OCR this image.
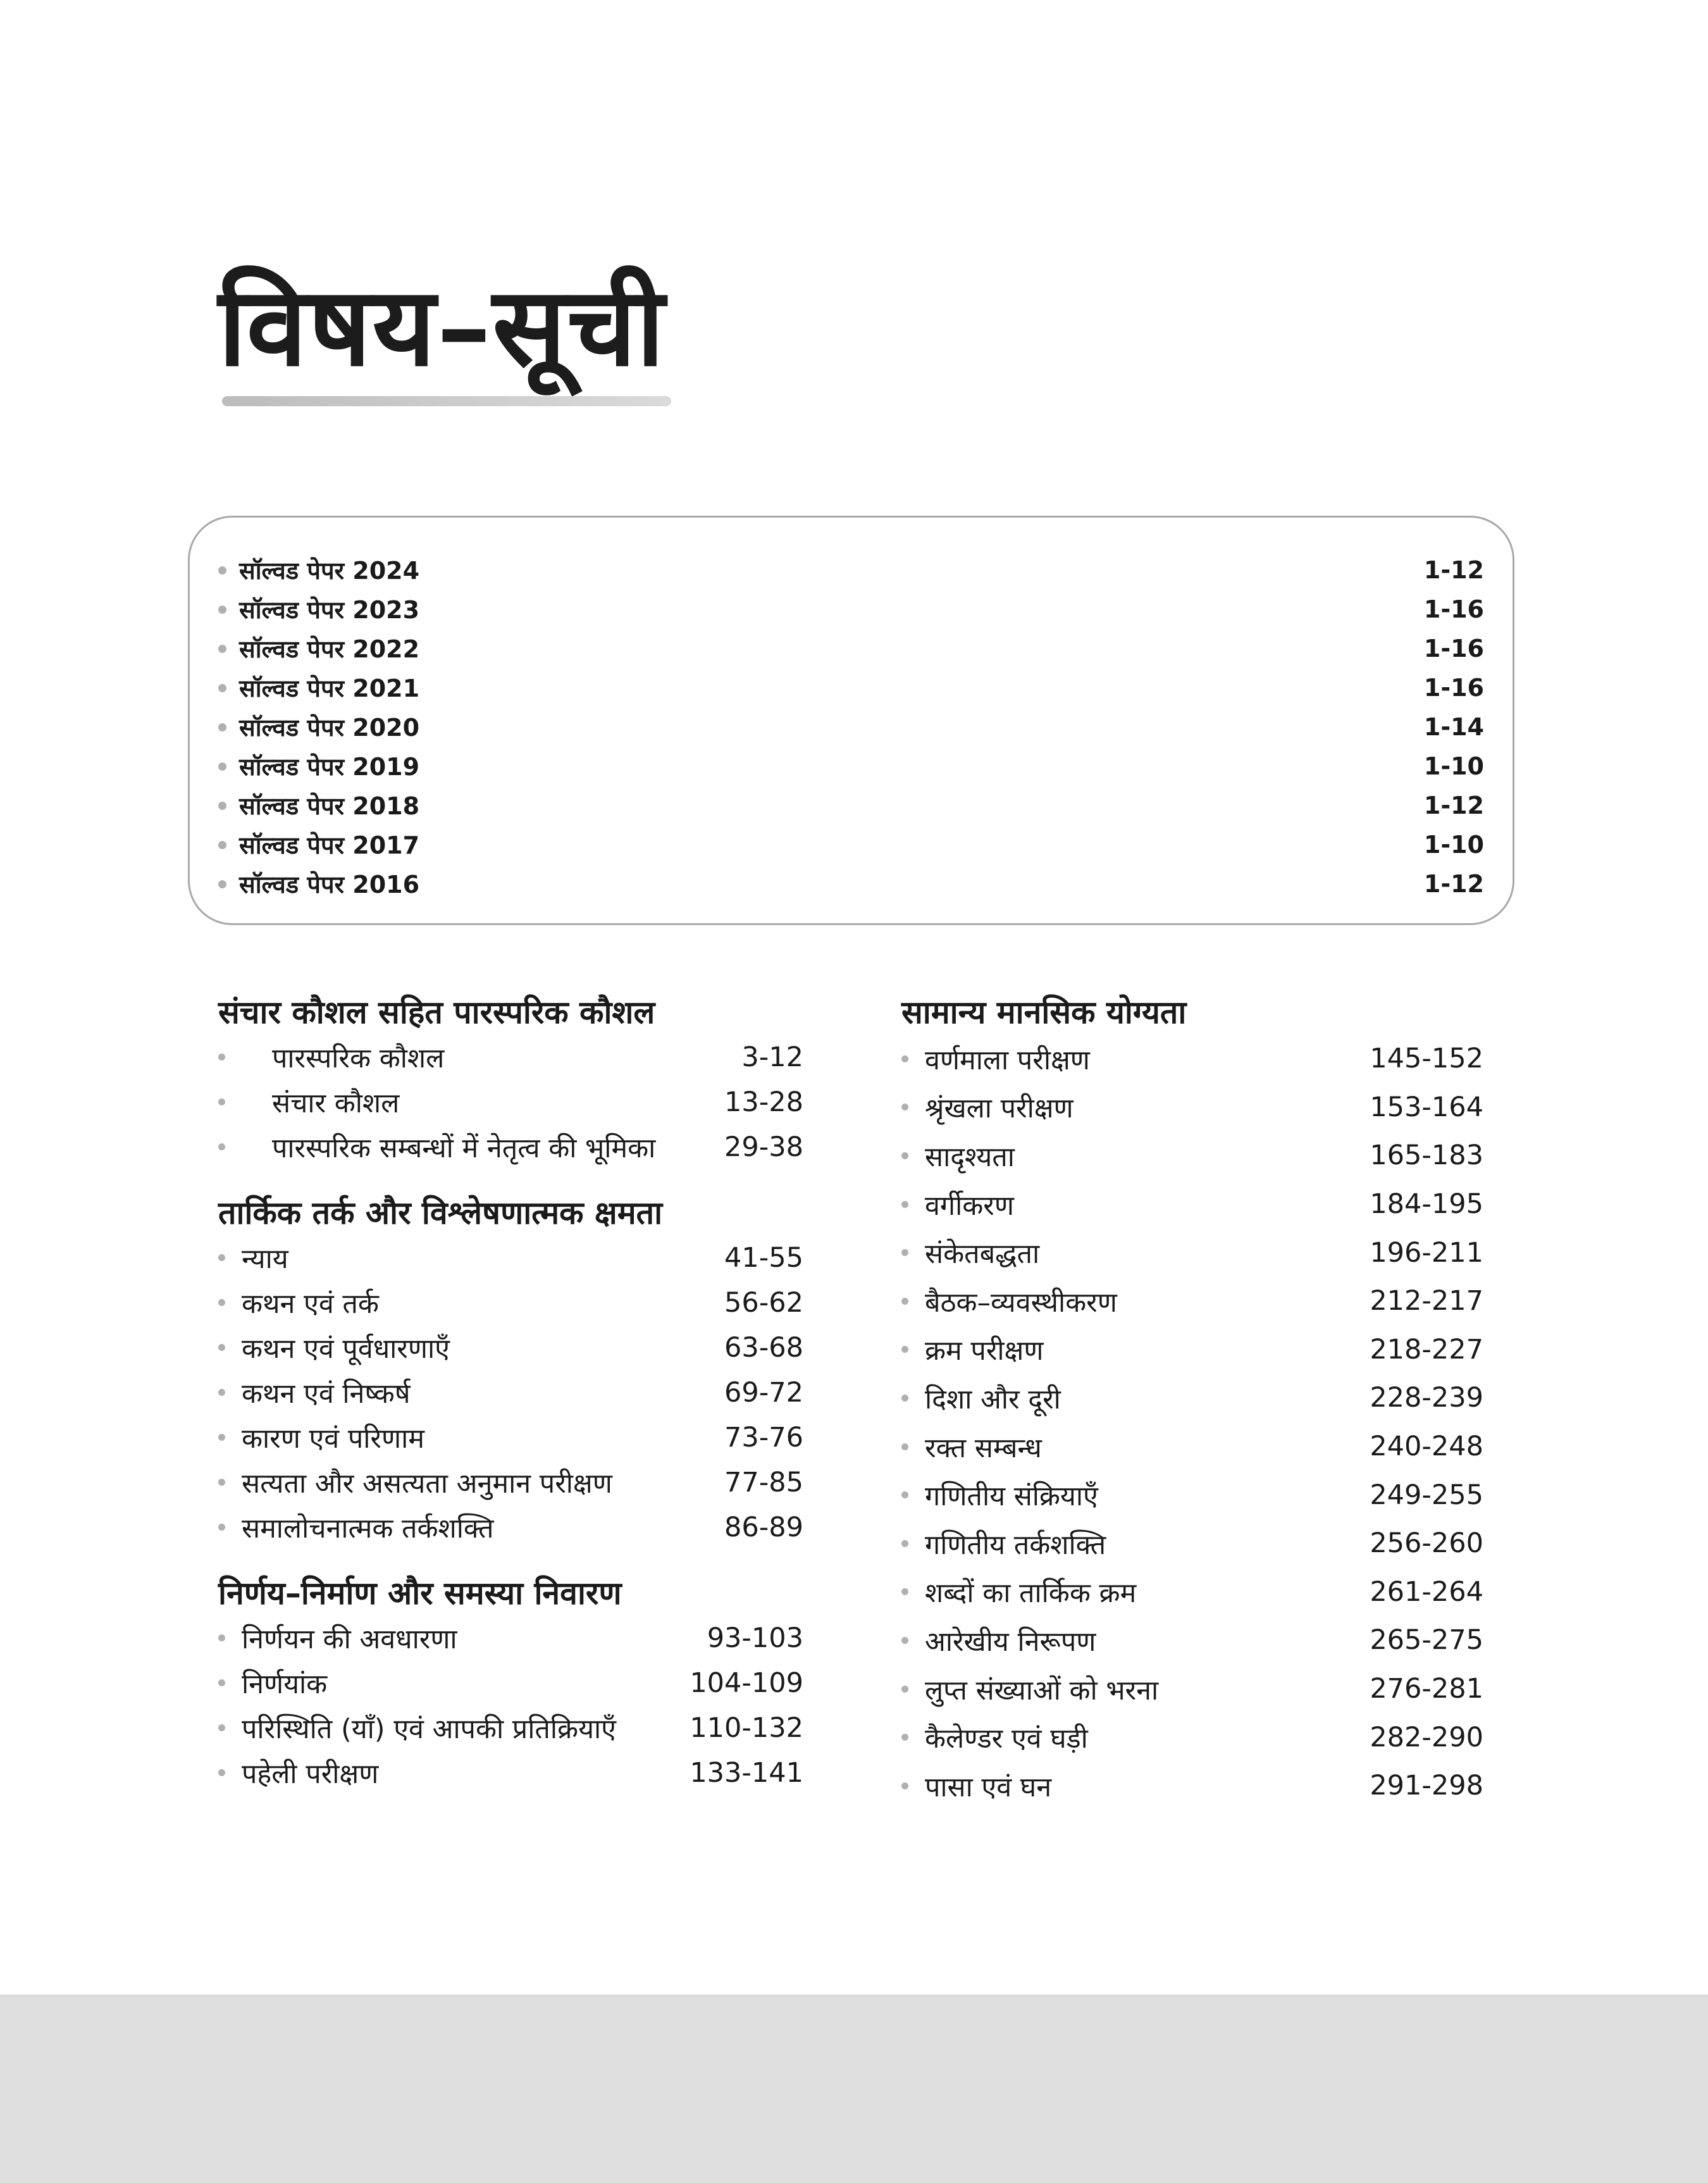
विषय–सूची
सॉल्वड पेपर 2024	1-12
सॉल्वड पेपर 2023	1-16
सॉल्वड पेपर 2022	1-16
सॉल्वड पेपर 2021	1-16
सॉल्वड पेपर 2020	1-14
सॉल्वड पेपर 2019	1-10
सॉल्वड पेपर 2018	1-12
सॉल्वड पेपर 2017	1-10
सॉल्वड पेपर 2016	1-12
संचार कौशल सहित पारस्परिक कौशल
पारस्परिक कौशल	3-12
संचार कौशल	13-28
पारस्परिक सम्बन्धों में नेतृत्व की भूमिका	29-38
तार्किक तर्क और विश्लेषणात्मक क्षमता
न्याय	41-55
कथन एवं तर्क	56-62
कथन एवं पूर्वधारणाएँ	63-68
कथन एवं निष्कर्ष	69-72
कारण एवं परिणाम	73-76
सत्यता और असत्यता अनुमान परीक्षण	77-85
समालोचनात्मक तर्कशक्ति	86-89
निर्णय–निर्माण और समस्या निवारण
निर्णयन की अवधारणा	93-103
निर्णयांक	104-109
परिस्थिति (याँ) एवं आपकी प्रतिक्रियाएँ	110-132
पहेली परीक्षण	133-141
सामान्य मानसिक योग्यता
वर्णमाला परीक्षण	145-152
श्रृंखला परीक्षण	153-164
सादृश्यता	165-183
वर्गीकरण	184-195
संकेतबद्धता	196-211
बैठक–व्यवस्थीकरण	212-217
क्रम परीक्षण	218-227
दिशा और दूरी	228-239
रक्त सम्बन्ध	240-248
गणितीय संक्रियाएँ	249-255
गणितीय तर्कशक्ति	256-260
शब्दों का तार्किक क्रम	261-264
आरेखीय निरूपण	265-275
लुप्त संख्याओं को भरना	276-281
कैलेण्डर एवं घड़ी	282-290
पासा एवं घन	291-298
